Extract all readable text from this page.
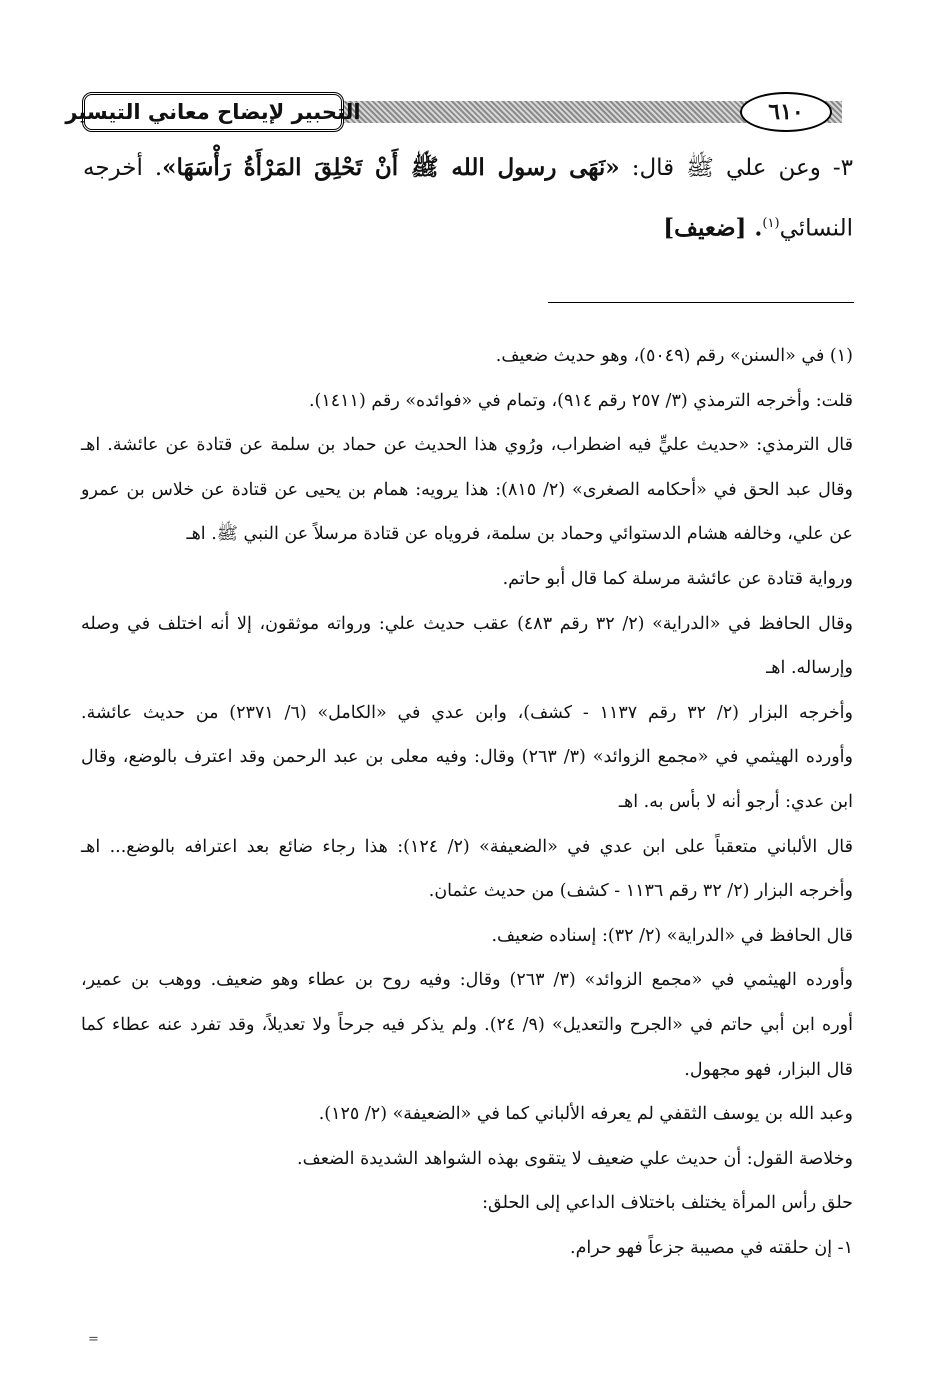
٦١٠
التحبير لإيضاح معاني التيسير
٣- وعن علي ﷺ قال: «نَهَى رسول الله ﷺ أَنْ تَحْلِقَ المَرْأَةُ رَأْسَهَا». أخرجه النسائي$^{(١)}$. [ضعيف]
(١) في «السنن» رقم (٥٠٤٩)، وهو حديث ضعيف.
قلت: وأخرجه الترمذي (٣/ ٢٥٧ رقم ٩١٤)، وتمام في «فوائده» رقم (١٤١١).
قال الترمذي: «حديث عليٍّ فيه اضطراب، ورُوي هذا الحديث عن حماد بن سلمة عن قتادة عن عائشة. اهـ
وقال عبد الحق في «أحكامه الصغرى» (٢/ ٨١٥): هذا يرويه: همام بن يحيى عن قتادة عن خلاس بن عمرو
عن علي، وخالفه هشام الدستوائي وحماد بن سلمة، فروياه عن قتادة مرسلاً عن النبي ﷺ. اهـ
ورواية قتادة عن عائشة مرسلة كما قال أبو حاتم.
وقال الحافظ في «الدراية» (٢/ ٣٢ رقم ٤٨٣) عقب حديث علي: ورواته موثقون، إلا أنه اختلف في وصله
وإرساله. اهـ
وأخرجه البزار (٢/ ٣٢ رقم ١١٣٧ - كشف)، وابن عدي في «الكامل» (٦/ ٢٣٧١) من حديث عائشة.
وأورده الهيثمي في «مجمع الزوائد» (٣/ ٢٦٣) وقال: وفيه معلى بن عبد الرحمن وقد اعترف بالوضع، وقال
ابن عدي: أرجو أنه لا بأس به. اهـ
قال الألباني متعقباً على ابن عدي في «الضعيفة» (٢/ ١٢٤): هذا رجاء ضائع بعد اعترافه بالوضع... اهـ
وأخرجه البزار (٢/ ٣٢ رقم ١١٣٦ - كشف) من حديث عثمان.
قال الحافظ في «الدراية» (٢/ ٣٢): إسناده ضعيف.
وأورده الهيثمي في «مجمع الزوائد» (٣/ ٢٦٣) وقال: وفيه روح بن عطاء وهو ضعيف. ووهب بن عمير،
أوره ابن أبي حاتم في «الجرح والتعديل» (٩/ ٢٤). ولم يذكر فيه جرحاً ولا تعديلاً، وقد تفرد عنه عطاء كما
قال البزار، فهو مجهول.
وعبد الله بن يوسف الثقفي لم يعرفه الألباني كما في «الضعيفة» (٢/ ١٢٥).
وخلاصة القول: أن حديث علي ضعيف لا يتقوى بهذه الشواهد الشديدة الضعف.
حلق رأس المرأة يختلف باختلاف الداعي إلى الحلق:
١- إن حلقته في مصيبة جزعاً فهو حرام.
=
